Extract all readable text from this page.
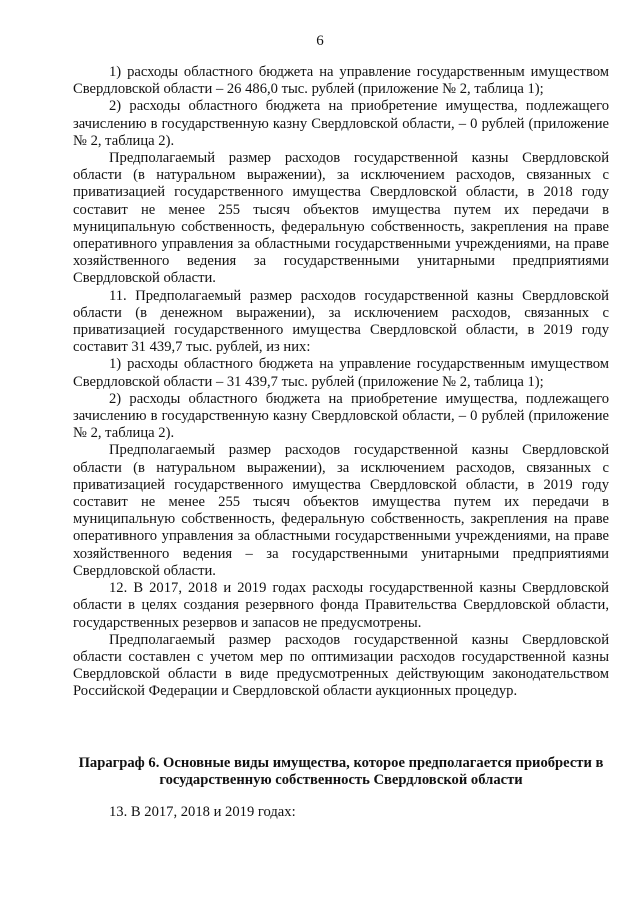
6

1) расходы областного бюджета на управление государственным имуществом Свердловской области – 26 486,0 тыс. рублей (приложение № 2, таблица 1);

2) расходы областного бюджета на приобретение имущества, подлежащего зачислению в государственную казну Свердловской области, – 0 рублей (приложение № 2, таблица 2).

Предполагаемый размер расходов государственной казны Свердловской области (в натуральном выражении), за исключением расходов, связанных с приватизацией государственного имущества Свердловской области, в 2018 году составит не менее 255 тысяч объектов имущества путем их передачи в муниципальную собственность, федеральную собственность, закрепления на праве оперативного управления за областными государственными учреждениями, на праве хозяйственного ведения за государственными унитарными предприятиями Свердловской области.

11. Предполагаемый размер расходов государственной казны Свердловской области (в денежном выражении), за исключением расходов, связанных с приватизацией государственного имущества Свердловской области, в 2019 году составит 31 439,7 тыс. рублей, из них:

1) расходы областного бюджета на управление государственным имуществом Свердловской области – 31 439,7 тыс. рублей (приложение № 2, таблица 1);

2) расходы областного бюджета на приобретение имущества, подлежащего зачислению в государственную казну Свердловской области, – 0 рублей (приложение № 2, таблица 2).

Предполагаемый размер расходов государственной казны Свердловской области (в натуральном выражении), за исключением расходов, связанных с приватизацией государственного имущества Свердловской области, в 2019 году составит не менее 255 тысяч объектов имущества путем их передачи в муниципальную собственность, федеральную собственность, закрепления на праве оперативного управления за областными государственными учреждениями, на праве хозяйственного ведения – за государственными унитарными предприятиями Свердловской области.

12. В 2017, 2018 и 2019 годах расходы государственной казны Свердловской области в целях создания резервного фонда Правительства Свердловской области, государственных резервов и запасов не предусмотрены.

Предполагаемый размер расходов государственной казны Свердловской области составлен с учетом мер по оптимизации расходов государственной казны Свердловской области в виде предусмотренных действующим законодательством Российской Федерации и Свердловской области аукционных процедур.

Параграф 6. Основные виды имущества, которое предполагается приобрести в государственную собственность Свердловской области

13. В 2017, 2018 и 2019 годах:
